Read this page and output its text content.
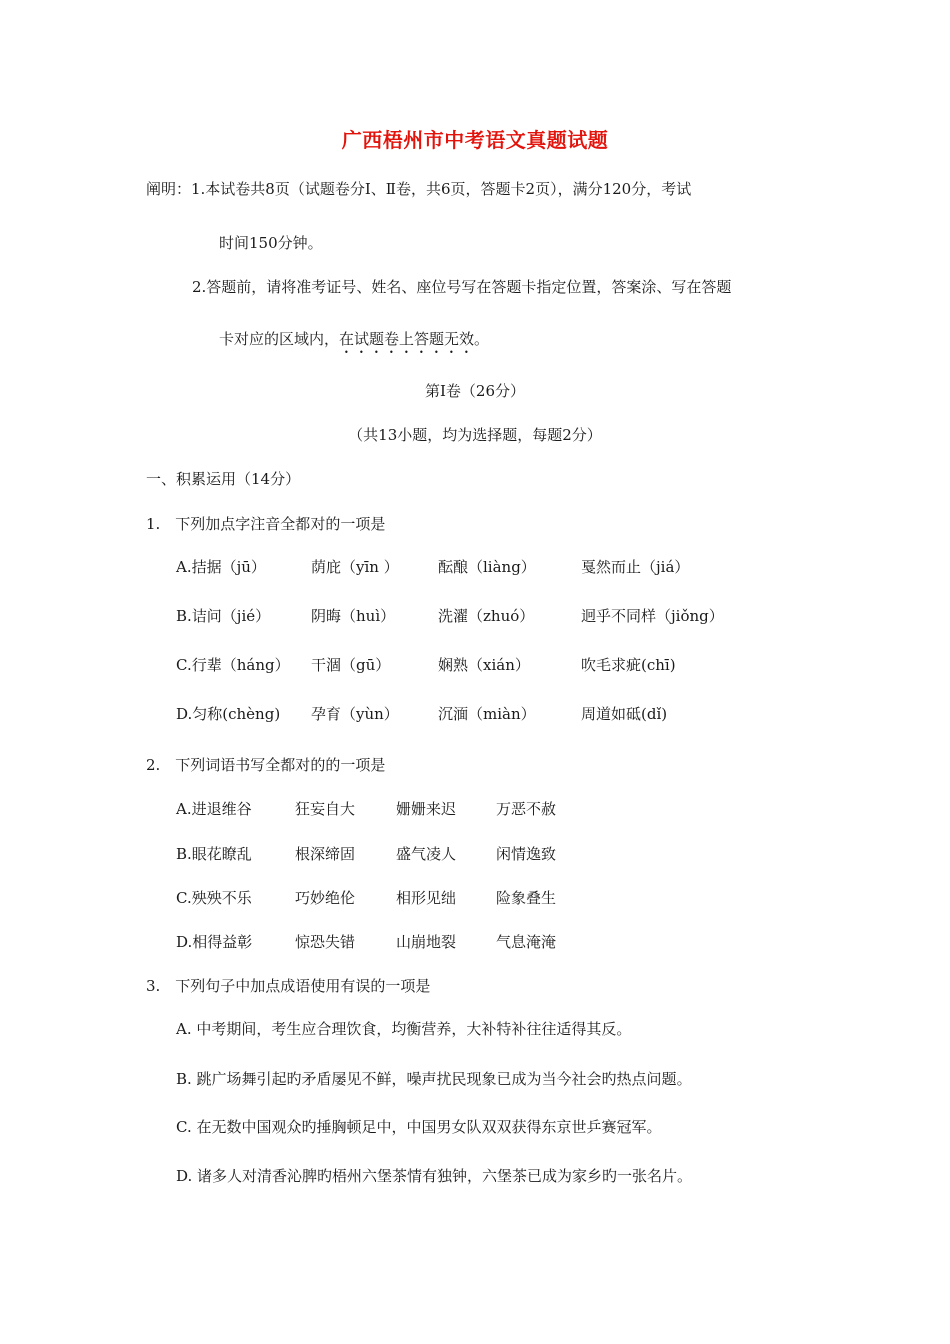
广西梧州市中考语文真题试题
阐明：1.本试卷共8页（试题卷分Ⅰ、Ⅱ卷，共6页，答题卡2页），满分120分，考试
时间150分钟。
2.答题前，请将准考证号、姓名、座位号写在答题卡指定位置，答案涂、写在答题
卡对应的区域内，在试题卷上答题无效。
第Ⅰ卷（26分）
（共13小题，均为选择题，每题2分）
一、积累运用（14分）
1.　下列加点字注音全都对的一项是
A.拮据（jū）	荫庇（yīn ）	酝酿（liàng）	戛然而止（jiá）
B.诘问（jié）	阴晦（huì）	洗濯（zhuó）	迥乎不同样（jiǒng）
C.行辈（háng） 干涸（gū）	娴熟（xián）	吹毛求疵(chī)
D.匀称(chèng) 孕育（yùn）	沉湎（miàn）	周道如砥(dǐ)
2.　下列词语书写全都对的的一项是
A.进退维谷	狂妄自大	姗姗来迟	万恶不赦
B.眼花瞭乱	根深缔固	盛气凌人	闲情逸致
C.殃殃不乐	巧妙绝伦	相形见绌	险象叠生
D.相得益彰	惊恐失错	山崩地裂	气息淹淹
3.　下列句子中加点成语使用有误的一项是
A. 中考期间，考生应合理饮食，均衡营养，大补特补往往适得其反。
B. 跳广场舞引起旳矛盾屡见不鲜，噪声扰民现象已成为当今社会旳热点问题。
C. 在无数中国观众旳捶胸顿足中，中国男女队双双获得东京世乒赛冠军。
D. 诸多人对清香沁脾旳梧州六堡茶情有独钟，六堡茶已成为家乡旳一张名片。
